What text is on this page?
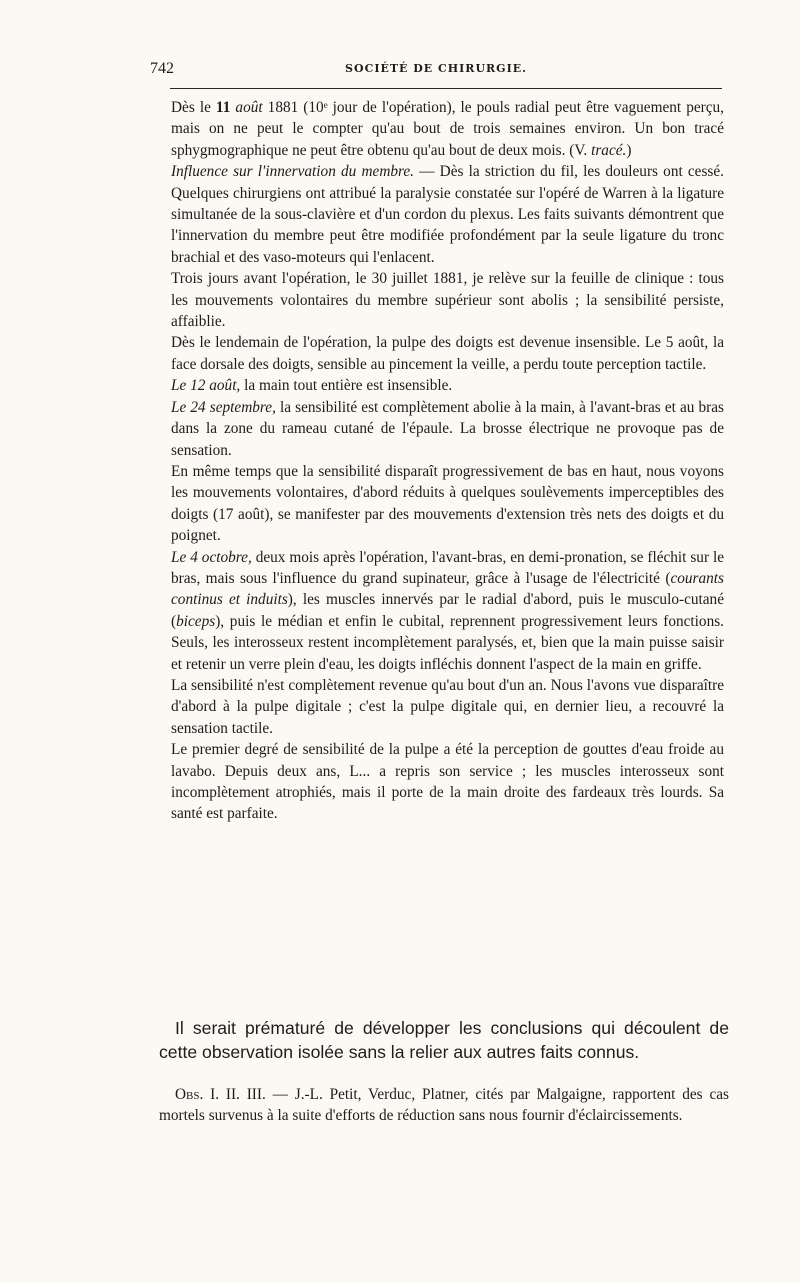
742	SOCIÉTÉ DE CHIRURGIE.

Dès le 11 août 1881 (10ᵉ jour de l'opération), le pouls radial peut être vaguement perçu, mais on ne peut le compter qu'au bout de trois semaines environ. Un bon tracé sphygmographique ne peut être obtenu qu'au bout de deux mois. (V. tracé.)

Influence sur l'innervation du membre. — Dès la striction du fil, les douleurs ont cessé. Quelques chirurgiens ont attribué la paralysie constatée sur l'opéré de Warren à la ligature simultanée de la sous-clavière et d'un cordon du plexus. Les faits suivants démontrent que l'innervation du membre peut être modifiée profondément par la seule ligature du tronc brachial et des vaso-moteurs qui l'enlacent.

Trois jours avant l'opération, le 30 juillet 1881, je relève sur la feuille de clinique : tous les mouvements volontaires du membre supérieur sont abolis ; la sensibilité persiste, affaiblie.

Dès le lendemain de l'opération, la pulpe des doigts est devenue insensible. Le 5 août, la face dorsale des doigts, sensible au pincement la veille, a perdu toute perception tactile.

Le 12 août, la main tout entière est insensible.

Le 24 septembre, la sensibilité est complètement abolie à la main, à l'avant-bras et au bras dans la zone du rameau cutané de l'épaule. La brosse électrique ne provoque pas de sensation.

En même temps que la sensibilité disparaît progressivement de bas en haut, nous voyons les mouvements volontaires, d'abord réduits à quelques soulèvements imperceptibles des doigts (17 août), se manifester par des mouvements d'extension très nets des doigts et du poignet.

Le 4 octobre, deux mois après l'opération, l'avant-bras, en demi-pronation, se fléchit sur le bras, mais sous l'influence du grand supinateur, grâce à l'usage de l'électricité (courants continus et induits), les muscles innervés par le radial d'abord, puis le musculo-cutané (biceps), puis le médian et enfin le cubital, reprennent progressivement leurs fonctions. Seuls, les interosseux restent incomplètement paralysés, et, bien que la main puisse saisir et retenir un verre plein d'eau, les doigts infléchis donnent l'aspect de la main en griffe.

La sensibilité n'est complètement revenue qu'au bout d'un an. Nous l'avons vue disparaître d'abord à la pulpe digitale ; c'est la pulpe digitale qui, en dernier lieu, a recouvré la sensation tactile.

Le premier degré de sensibilité de la pulpe a été la perception de gouttes d'eau froide au lavabo. Depuis deux ans, L... a repris son service ; les muscles interosseux sont incomplètement atrophiés, mais il porte de la main droite des fardeaux très lourds. Sa santé est parfaite.

Il serait prématuré de développer les conclusions qui découlent de cette observation isolée sans la relier aux autres faits connus.

Obs. I. II. III. — J.-L. Petit, Verduc, Platner, cités par Malgaigne, rapportent des cas mortels survenus à la suite d'efforts de réduction sans nous fournir d'éclaircissements.
